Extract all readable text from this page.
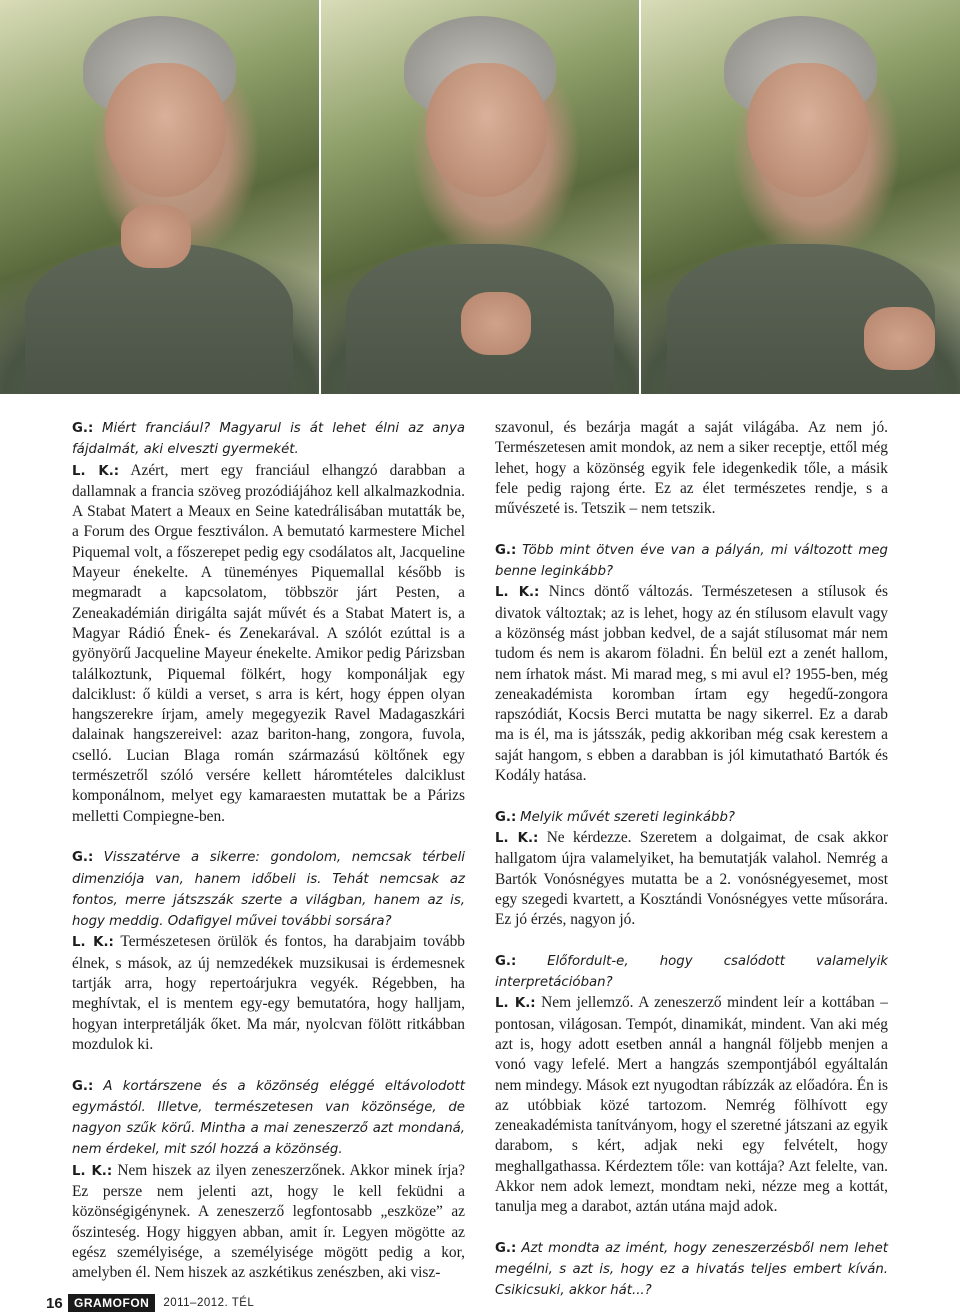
G.: Miért franciául? Magyarul is át lehet élni az anya fájdalmát, aki elveszti gyermekét.

L. K.: Azért, mert egy franciául elhangzó darabban a dallamnak a francia szöveg prozódiájához kell alkalmazkodnia. A Stabat Matert a Meaux en Seine katedrálisában mutatták be, a Forum des Orgue fesztiválon. A bemutató karmestere Michel Piquemal volt, a főszerepet pedig egy csodálatos alt, Jacqueline Mayeur énekelte. A tüneményes Piquemallal később is megmaradt a kapcsolatom, többször járt Pesten, a Zeneakadémián dirigálta saját művét és a Stabat Matert is, a Magyar Rádió Ének- és Zenekarával. A szólót ezúttal is a gyönyörű Jacqueline Mayeur énekelte. Amikor pedig Párizsban találkoztunk, Piquemal fölkért, hogy komponáljak egy dalciklust: ő küldi a verset, s arra is kért, hogy éppen olyan hangszerekre írjam, amely megegyezik Ravel Madagaszkári dalainak hangszereivel: azaz bariton-hang, zongora, fuvola, cselló. Lucian Blaga román származású költőnek egy természetről szóló versére kellett háromtételes dalciklust komponálnom, melyet egy kamaraesten mutattak be a Párizs melletti Compiegne-ben.

G.: Visszatérve a sikerre: gondolom, nemcsak térbeli dimenziója van, hanem időbeli is. Tehát nemcsak az fontos, merre játszszák szerte a világban, hanem az is, hogy meddig. Odafigyel művei további sorsára?

L. K.: Természetesen örülök és fontos, ha darabjaim tovább élnek, s mások, az új nemzedékek muzsikusai is érdemesnek tartják arra, hogy repertoárjukra vegyék. Régebben, ha meghívtak, el is mentem egy-egy bemutatóra, hogy halljam, hogyan interpretálják őket. Ma már, nyolcvan fölött ritkábban mozdulok ki.

G.: A kortárszene és a közönség eléggé eltávolodott egymástól. Illetve, természetesen van közönsége, de nagyon szűk körű. Mintha a mai zeneszerző azt mondaná, nem érdekel, mit szól hozzá a közönség.

L. K.: Nem hiszek az ilyen zeneszerzőnek. Akkor minek írja? Ez persze nem jelenti azt, hogy le kell feküdni a közönségigénynek. A zeneszerző legfontosabb „eszköze” az őszinteség. Hogy higgyen abban, amit ír. Legyen mögötte az egész személyisége, a személyisége mögött pedig a kor, amelyben él. Nem hiszek az aszkétikus zenészben, aki visz-

szavonul, és bezárja magát a saját világába. Az nem jó. Természetesen amit mondok, az nem a siker receptje, ettől még lehet, hogy a közönség egyik fele idegenkedik tőle, a másik fele pedig rajong érte. Ez az élet természetes rendje, s a művészeté is. Tetszik – nem tetszik.

G.: Több mint ötven éve van a pályán, mi változott meg benne leginkább?

L. K.: Nincs döntő változás. Természetesen a stílusok és divatok változtak; az is lehet, hogy az én stílusom elavult vagy a közönség mást jobban kedvel, de a saját stílusomat már nem tudom és nem is akarom föladni. Én belül ezt a zenét hallom, nem írhatok mást. Mi marad meg, s mi avul el? 1955-ben, még zeneakadémista koromban írtam egy hegedű-zongora rapszódiát, Kocsis Berci mutatta be nagy sikerrel. Ez a darab ma is él, ma is játsszák, pedig akkoriban még csak kerestem a saját hangom, s ebben a darabban is jól kimutatható Bartók és Kodály hatása.

G.: Melyik művét szereti leginkább?

L. K.: Ne kérdezze. Szeretem a dolgaimat, de csak akkor hallgatom újra valamelyiket, ha bemutatják valahol. Nemrég a Bartók Vonósnégyes mutatta be a 2. vonósnégyesemet, most egy szegedi kvartett, a Kosztándi Vonósnégyes vette műsorára. Ez jó érzés, nagyon jó.

G.: Előfordult-e, hogy csalódott valamelyik interpretációban?

L. K.: Nem jellemző. A zeneszerző mindent leír a kottában – pontosan, világosan. Tempót, dinamikát, mindent. Van aki még azt is, hogy adott esetben annál a hangnál följebb menjen a vonó vagy lefelé. Mert a hangzás szempontjából egyáltalán nem mindegy. Mások ezt nyugodtan rábízzák az előadóra. Én is az utóbbiak közé tartozom. Nemrég fölhívott egy zeneakadémista tanítványom, hogy el szeretné játszani az egyik darabom, s kért, adjak neki egy felvételt, hogy meghallgathassa. Kérdeztem tőle: van kottája? Azt felelte, van. Akkor nem adok lemezt, mondtam neki, nézze meg a kottát, tanulja meg a darabot, aztán utána majd adok.

G.: Azt mondta az imént, hogy zeneszerzésből nem lehet megélni, s azt is, hogy ez a hivatás teljes embert kíván. Csikicsuki, akkor hát...?

16 GRAMOFON	2011–2012. TÉL
